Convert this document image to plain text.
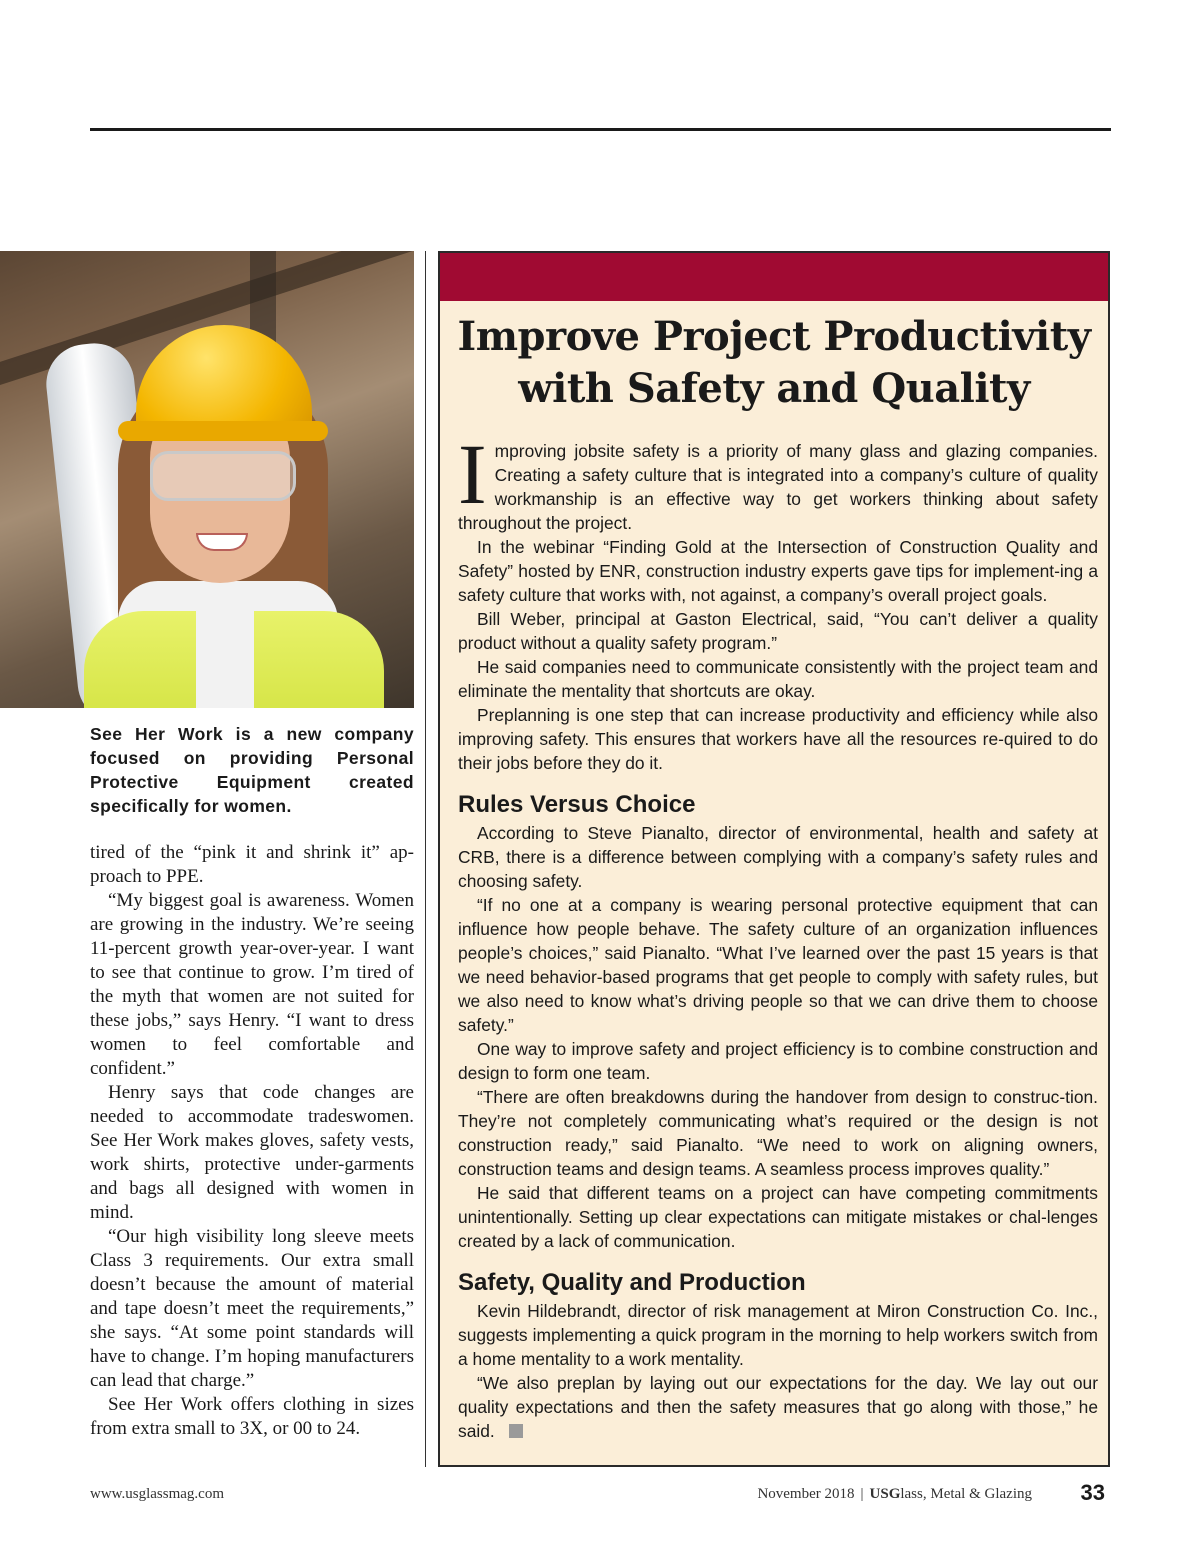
See Her Work is a new company focused on providing Personal Protective Equipment created specifically for women.

tired of the “pink it and shrink it” ap-proach to PPE.

“My biggest goal is awareness. Women are growing in the industry. We’re seeing 11-percent growth year-over-year. I want to see that continue to grow. I’m tired of the myth that women are not suited for these jobs,” says Henry. “I want to dress women to feel comfortable and confident.”

Henry says that code changes are needed to accommodate tradeswomen. See Her Work makes gloves, safety vests, work shirts, protective under-garments and bags all designed with women in mind.

“Our high visibility long sleeve meets Class 3 requirements. Our extra small doesn’t because the amount of material and tape doesn’t meet the requirements,” she says. “At some point standards will have to change. I’m hoping manufacturers can lead that charge.”

See Her Work offers clothing in sizes from extra small to 3X, or 00 to 24.

Improve Project Productivity
with Safety and Quality

Improving jobsite safety is a priority of many glass and glazing companies. Creating a safety culture that is integrated into a company’s culture of quality workmanship is an effective way to get workers thinking about safety throughout the project.

In the webinar “Finding Gold at the Intersection of Construction Quality and Safety” hosted by ENR, construction industry experts gave tips for implement-ing a safety culture that works with, not against, a company’s overall project goals.

Bill Weber, principal at Gaston Electrical, said, “You can’t deliver a quality product without a quality safety program.”

He said companies need to communicate consistently with the project team and eliminate the mentality that shortcuts are okay.

Preplanning is one step that can increase productivity and efficiency while also improving safety. This ensures that workers have all the resources re-quired to do their jobs before they do it.

Rules Versus Choice

According to Steve Pianalto, director of environmental, health and safety at CRB, there is a difference between complying with a company’s safety rules and choosing safety.

“If no one at a company is wearing personal protective equipment that can influence how people behave. The safety culture of an organization influences people’s choices,” said Pianalto. “What I’ve learned over the past 15 years is that we need behavior-based programs that get people to comply with safety rules, but we also need to know what’s driving people so that we can drive them to choose safety.”

One way to improve safety and project efficiency is to combine construction and design to form one team.

“There are often breakdowns during the handover from design to construc-tion. They’re not completely communicating what’s required or the design is not construction ready,” said Pianalto. “We need to work on aligning owners, construction teams and design teams. A seamless process improves quality.”

He said that different teams on a project can have competing commitments unintentionally. Setting up clear expectations can mitigate mistakes or chal-lenges created by a lack of communication.

Safety, Quality and Production

Kevin Hildebrandt, director of risk management at Miron Construction Co. Inc., suggests implementing a quick program in the morning to help workers switch from a home mentality to a work mentality.

“We also preplan by laying out our expectations for the day. We lay out our quality expectations and then the safety measures that go along with those,” he said.

www.usglassmag.com	November 2018 | USGlass, Metal & Glazing 33
